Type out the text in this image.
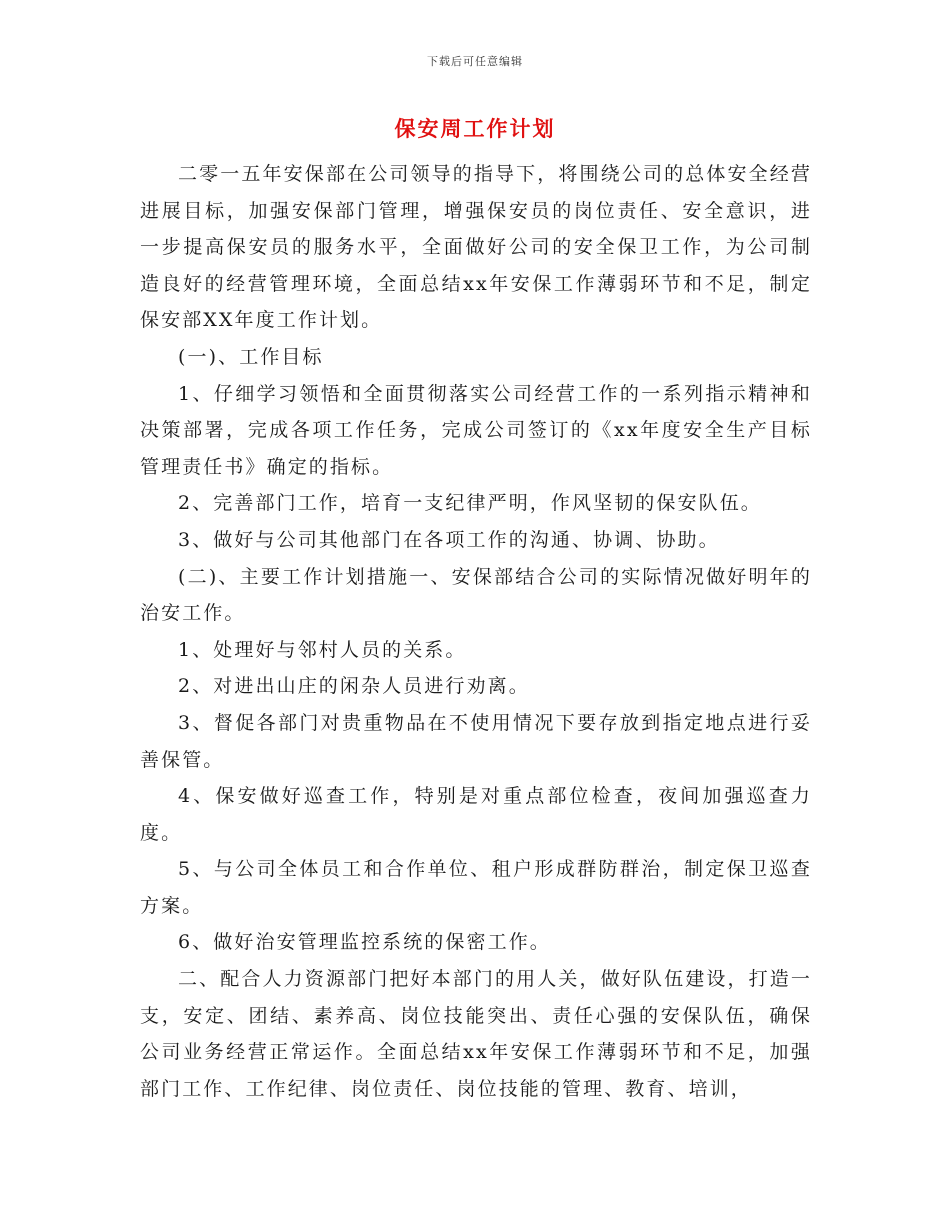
下载后可任意编辑
保安周工作计划

二零一五年安保部在公司领导的指导下，将围绕公司的总体安全经营进展目标，加强安保部门管理，增强保安员的岗位责任、安全意识，进一步提高保安员的服务水平，全面做好公司的安全保卫工作，为公司制造良好的经营管理环境，全面总结xx年安保工作薄弱环节和不足，制定保安部XX年度工作计划。

(一)、工作目标

1、仔细学习领悟和全面贯彻落实公司经营工作的一系列指示精神和决策部署，完成各项工作任务，完成公司签订的《xx年度安全生产目标管理责任书》确定的指标。

2、完善部门工作，培育一支纪律严明，作风坚韧的保安队伍。

3、做好与公司其他部门在各项工作的沟通、协调、协助。

(二)、主要工作计划措施一、安保部结合公司的实际情况做好明年的治安工作。

1、处理好与邻村人员的关系。

2、对进出山庄的闲杂人员进行劝离。

3、督促各部门对贵重物品在不使用情况下要存放到指定地点进行妥善保管。

4、保安做好巡查工作，特别是对重点部位检查，夜间加强巡查力度。

5、与公司全体员工和合作单位、租户形成群防群治，制定保卫巡查方案。

6、做好治安管理监控系统的保密工作。

二、配合人力资源部门把好本部门的用人关，做好队伍建设，打造一支，安定、团结、素养高、岗位技能突出、责任心强的安保队伍，确保公司业务经营正常运作。全面总结xx年安保工作薄弱环节和不足，加强部门工作、工作纪律、岗位责任、岗位技能的管理、教育、培训，
